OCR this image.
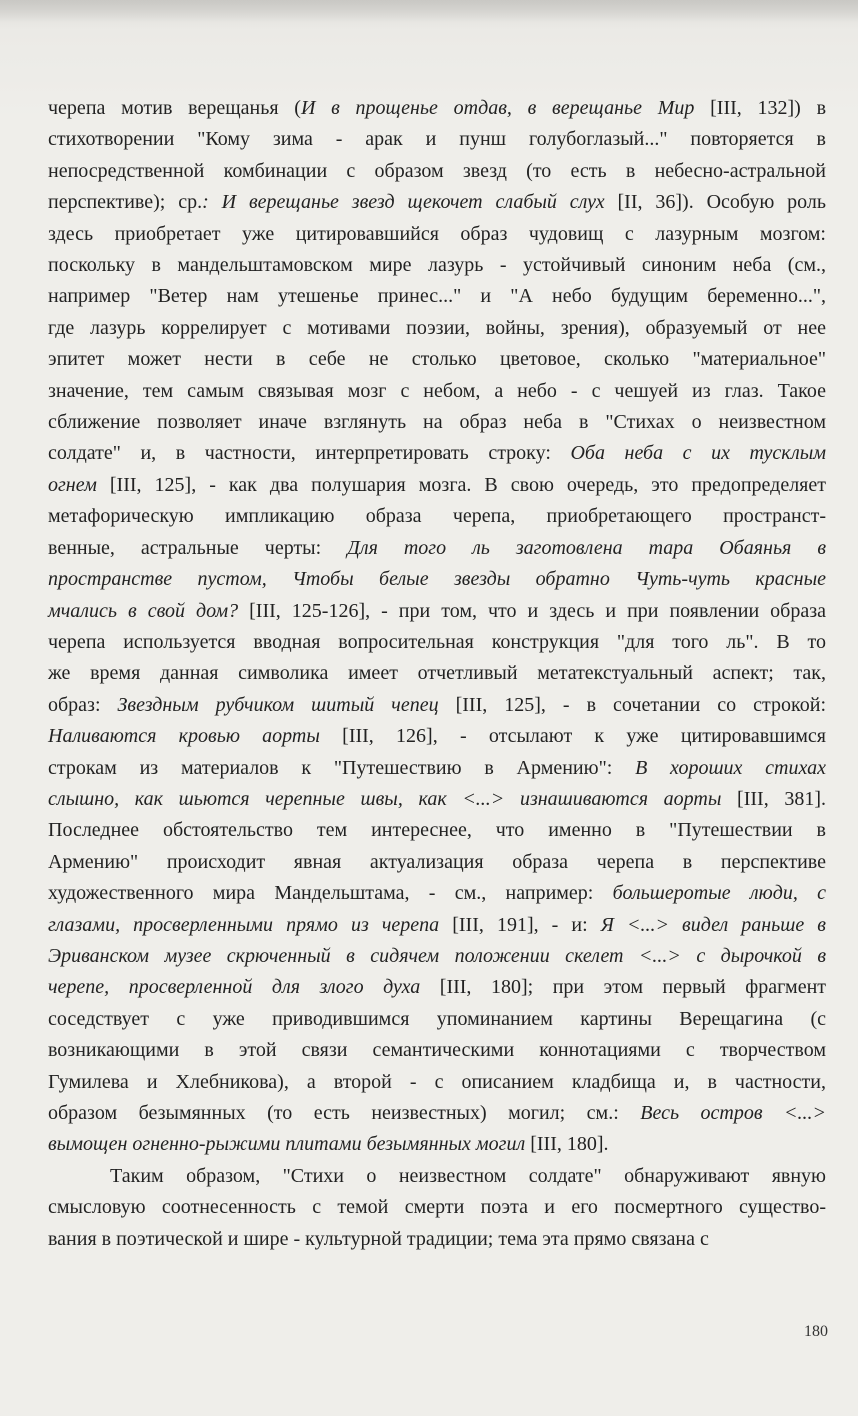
черепа мотив верещанья (И в прощенье отдав, в верещанье Мир [III, 132]) в
стихотворении "Кому зима - арак и пунш голубоглазый..." повторяется в
непосредственной комбинации с образом звезд (то есть в небесно-астральной
перспективе); ср.: И верещанье звезд щекочет слабый слух [II, 36]). Особую роль
здесь приобретает уже цитировавшийся образ чудовищ с лазурным мозгом:
поскольку в мандельштамовском мире лазурь - устойчивый синоним неба (см.,
например "Ветер нам утешенье принес..." и "А небо будущим беременно...",
где лазурь коррелирует с мотивами поэзии, войны, зрения), образуемый от нее
эпитет может нести в себе не столько цветовое, сколько "материальное"
значение, тем самым связывая мозг с небом, а небо - с чешуей из глаз. Такое
сближение позволяет иначе взглянуть на образ неба в "Стихах о неизвестном
солдате" и, в частности, интерпретировать строку: Оба неба с их тусклым
огнем [III, 125], - как два полушария мозга. В свою очередь, это предопределяет
метафорическую импликацию образа черепа, приобретающего пространст-
венные, астральные черты: Для того ль заготовлена тара Обаянья в
пространстве пустом, Чтобы белые звезды обратно Чуть-чуть красные
мчались в свой дом? [III, 125-126], - при том, что и здесь и при появлении образа
черепа используется вводная вопросительная конструкция "для того ль". В то
же время данная символика имеет отчетливый метатекстуальный аспект; так,
образ: Звездным рубчиком шитый чепец [III, 125], - в сочетании со строкой:
Наливаются кровью аорты [III, 126], - отсылают к уже цитировавшимся
строкам из материалов к "Путешествию в Армению": В хороших стихах
слышно, как шьются черепные швы, как <...> изнашиваются аорты [III, 381].
Последнее обстоятельство тем интереснее, что именно в "Путешествии в
Армению" происходит явная актуализация образа черепа в перспективе
художественного мира Мандельштама, - см., например: большеротые люди, с
глазами, просверленными прямо из черепа [III, 191], - и: Я <...> видел раньше в
Эриванском музее скрюченный в сидячем положении скелет <...> с дырочкой в
черепе, просверленной для злого духа [III, 180]; при этом первый фрагмент
соседствует с уже приводившимся упоминанием картины Верещагина (с
возникающими в этой связи семантическими коннотациями с творчеством
Гумилева и Хлебникова), а второй - с описанием кладбища и, в частности,
образом безымянных (то есть неизвестных) могил; см.: Весь остров <...>
вымощен огненно-рыжими плитами безымянных могил [III, 180].
Таким образом, "Стихи о неизвестном солдате" обнаруживают явную
смысловую соотнесенность с темой смерти поэта и его посмертного существо-
вания в поэтической и шире - культурной традиции; тема эта прямо связана с
180
